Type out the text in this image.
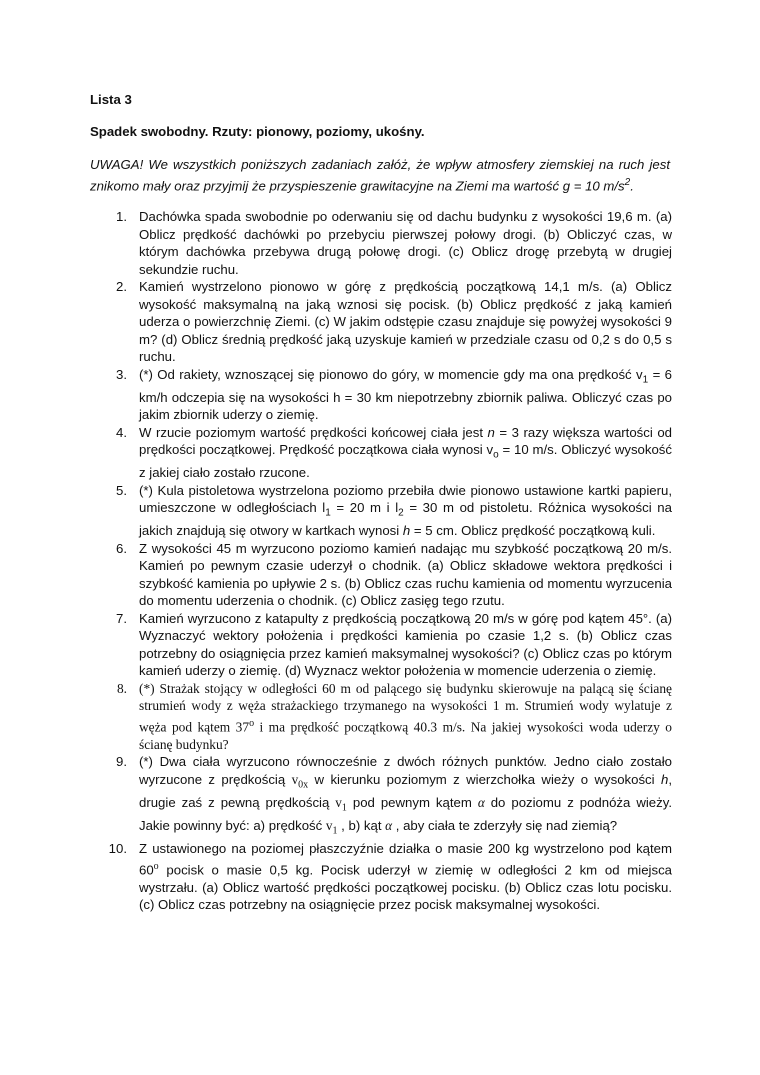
Lista 3
Spadek swobodny. Rzuty: pionowy, poziomy, ukośny.

UWAGA! We wszystkich poniższych zadaniach załóż, że wpływ atmosfery ziemskiej na ruch jest znikomo mały oraz przyjmij że przyspieszenie grawitacyjne na Ziemi ma wartość g = 10 $m/s^2$.

1. Dachówka spada swobodnie po oderwaniu się od dachu budynku z wysokości 19,6 m. (a) Oblicz prędkość dachówki po przebyciu pierwszej połowy drogi. (b) Obliczyć czas, w którym dachówka przebywa drugą połowę drogi. (c) Oblicz drogę przebytą w drugiej sekundzie ruchu.
2. Kamień wystrzelono pionowo w górę z prędkością początkową 14,1 m/s. (a) Oblicz wysokość maksymalną na jaką wznosi się pocisk. (b) Oblicz prędkość z jaką kamień uderza o powierzchnię Ziemi. (c) W jakim odstępie czasu znajduje się powyżej wysokości 9 m? (d) Oblicz średnią prędkość jaką uzyskuje kamień w przedziale czasu od 0,2 s do 0,5 s ruchu.
3. (*) Od rakiety, wznoszącej się pionowo do góry, w momencie gdy ma ona prędkość $v_1 = 6$ km/h odczepia się na wysokości h = 30 km niepotrzebny zbiornik paliwa. Obliczyć czas po jakim zbiornik uderzy o ziemię.
4. W rzucie poziomym wartość prędkości końcowej ciała jest n = 3 razy większa wartości od prędkości początkowej. Prędkość początkowa ciała wynosi $v_o = 10$ m/s. Obliczyć wysokość z jakiej ciało zostało rzucone.
5. (*) Kula pistoletowa wystrzelona poziomo przebiła dwie pionowo ustawione kartki papieru, umieszczone w odległościach $l_1 = 20$ m i $l_2 = 30$ m od pistoletu. Różnica wysokości na jakich znajdują się otwory w kartkach wynosi h = 5 cm. Oblicz prędkość początkową kuli.
6. Z wysokości 45 m wyrzucono poziomo kamień nadając mu szybkość początkową 20 m/s. Kamień po pewnym czasie uderzył o chodnik. (a) Oblicz składowe wektora prędkości i szybkość kamienia po upływie 2 s. (b) Oblicz czas ruchu kamienia od momentu wyrzucenia do momentu uderzenia o chodnik. (c) Oblicz zasięg tego rzutu.
7. Kamień wyrzucono z katapulty z prędkością początkową 20 m/s w górę pod kątem 45°. (a) Wyznaczyć wektory położenia i prędkości kamienia po czasie 1,2 s. (b) Oblicz czas potrzebny do osiągnięcia przez kamień maksymalnej wysokości? (c) Oblicz czas po którym kamień uderzy o ziemię. (d) Wyznacz wektor położenia w momencie uderzenia o ziemię.
8. (*) Strażak stojący w odległości 60 m od palącego się budynku skierowuje na palącą się ścianę strumień wody z węża strażackiego trzymanego na wysokości 1 m. Strumień wody wylatuje z węża pod kątem 37$^o$ i ma prędkość początkową 40.3 m/s. Na jakiej wysokości woda uderzy o ścianę budynku?
9. (*) Dwa ciała wyrzucono równocześnie z dwóch różnych punktów. Jedno ciało zostało wyrzucone z prędkością $v_{0x}$ w kierunku poziomym z wierzchołka wieży o wysokości h, drugie zaś z pewną prędkością $v_1$ pod pewnym kątem α do poziomu z podnóża wieży. Jakie powinny być: a) prędkość $v_1$ , b) kąt α , aby ciała te zderzyły się nad ziemią?
10. Z ustawionego na poziomej płaszczyźnie działka o masie 200 kg wystrzelono pod kątem 60$^o$ pocisk o masie 0,5 kg. Pocisk uderzył w ziemię w odległości 2 km od miejsca wystrzału. (a) Oblicz wartość prędkości początkowej pocisku. (b) Oblicz czas lotu pocisku. (c) Oblicz czas potrzebny na osiągnięcie przez pocisk maksymalnej wysokości.
